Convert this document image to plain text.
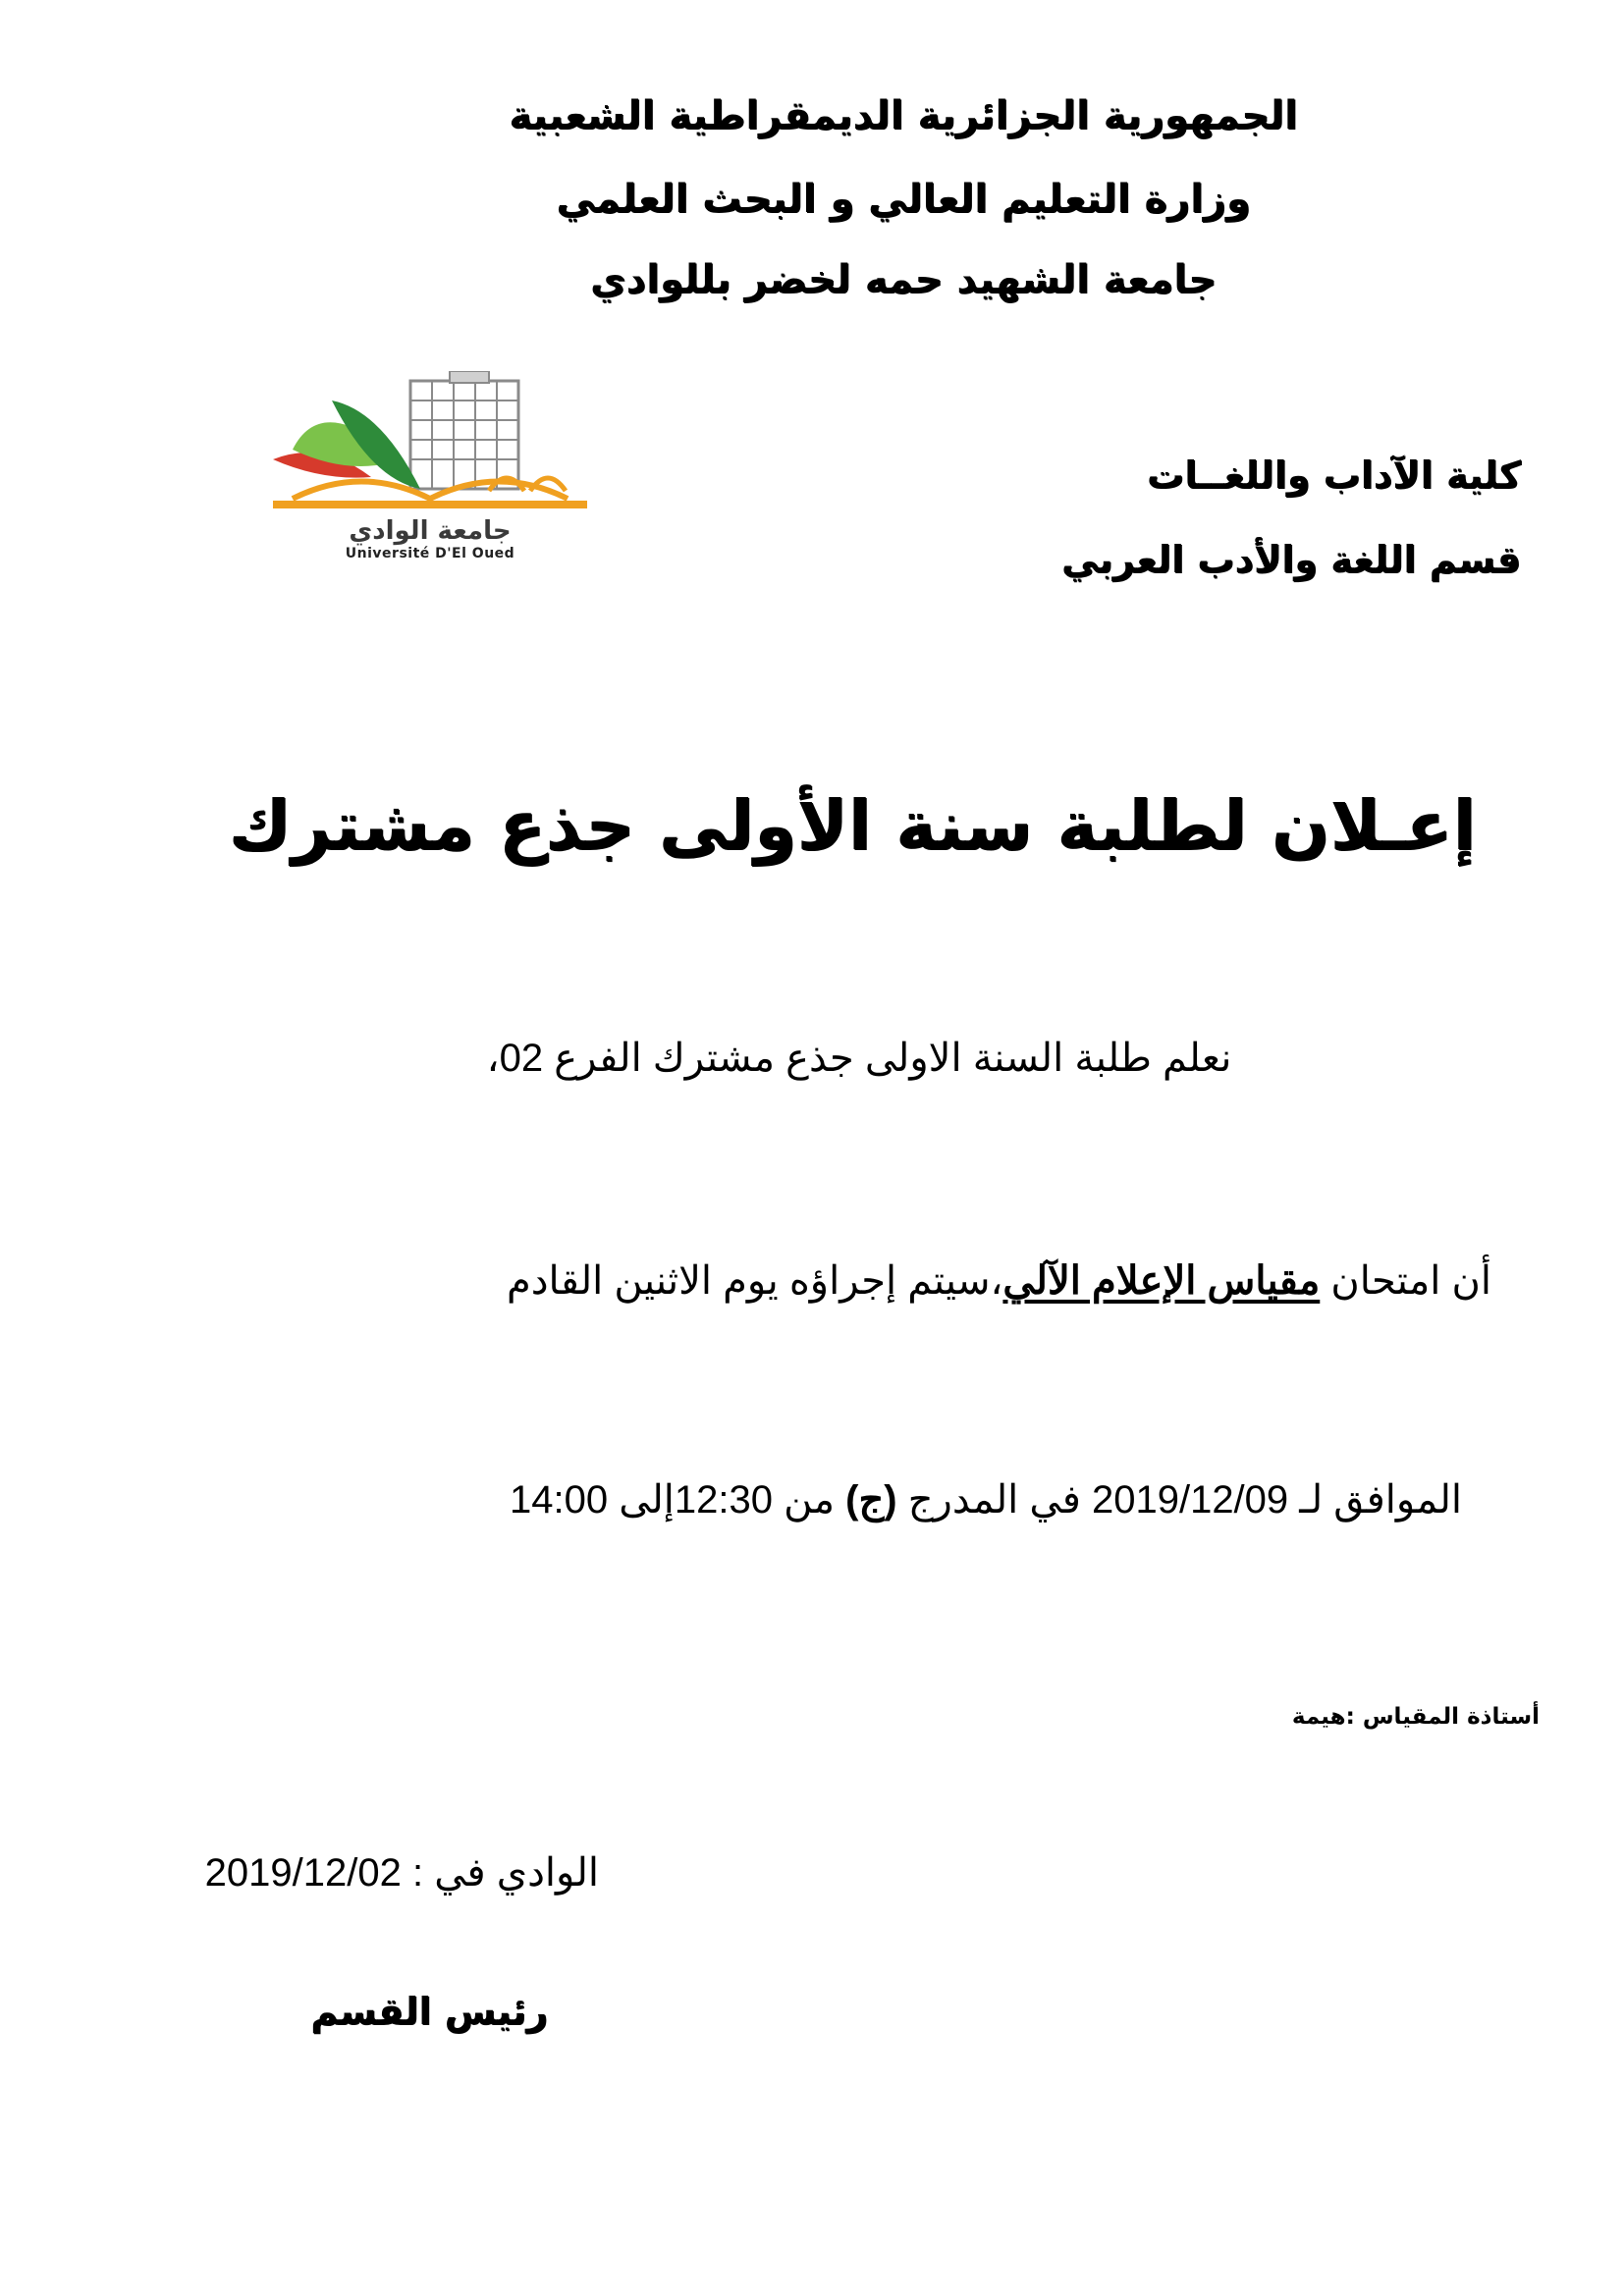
الجمهورية الجزائرية الديمقراطية الشعبية
وزارة التعليم العالي و البحث العلمي
جامعة الشهيد حمه لخضر بللوادي
جامعة الوادي
Université D'El Oued
كلية الآداب واللغــات
قسم اللغة والأدب العربي
إعـلان لطلبة سنة الأولى جذع مشترك
نعلم طلبة السنة الاولى جذع مشترك الفرع 02،
أن امتحان مقياس الإعلام الآلي،سيتم إجراؤه يوم الاثنين القادم
الموافق لـ 2019/12/09 في المدرج (ج) من 12:30إلى 14:00
أستاذة المقياس :هيمة
الوادي في : 2019/12/02
رئيس القسم
